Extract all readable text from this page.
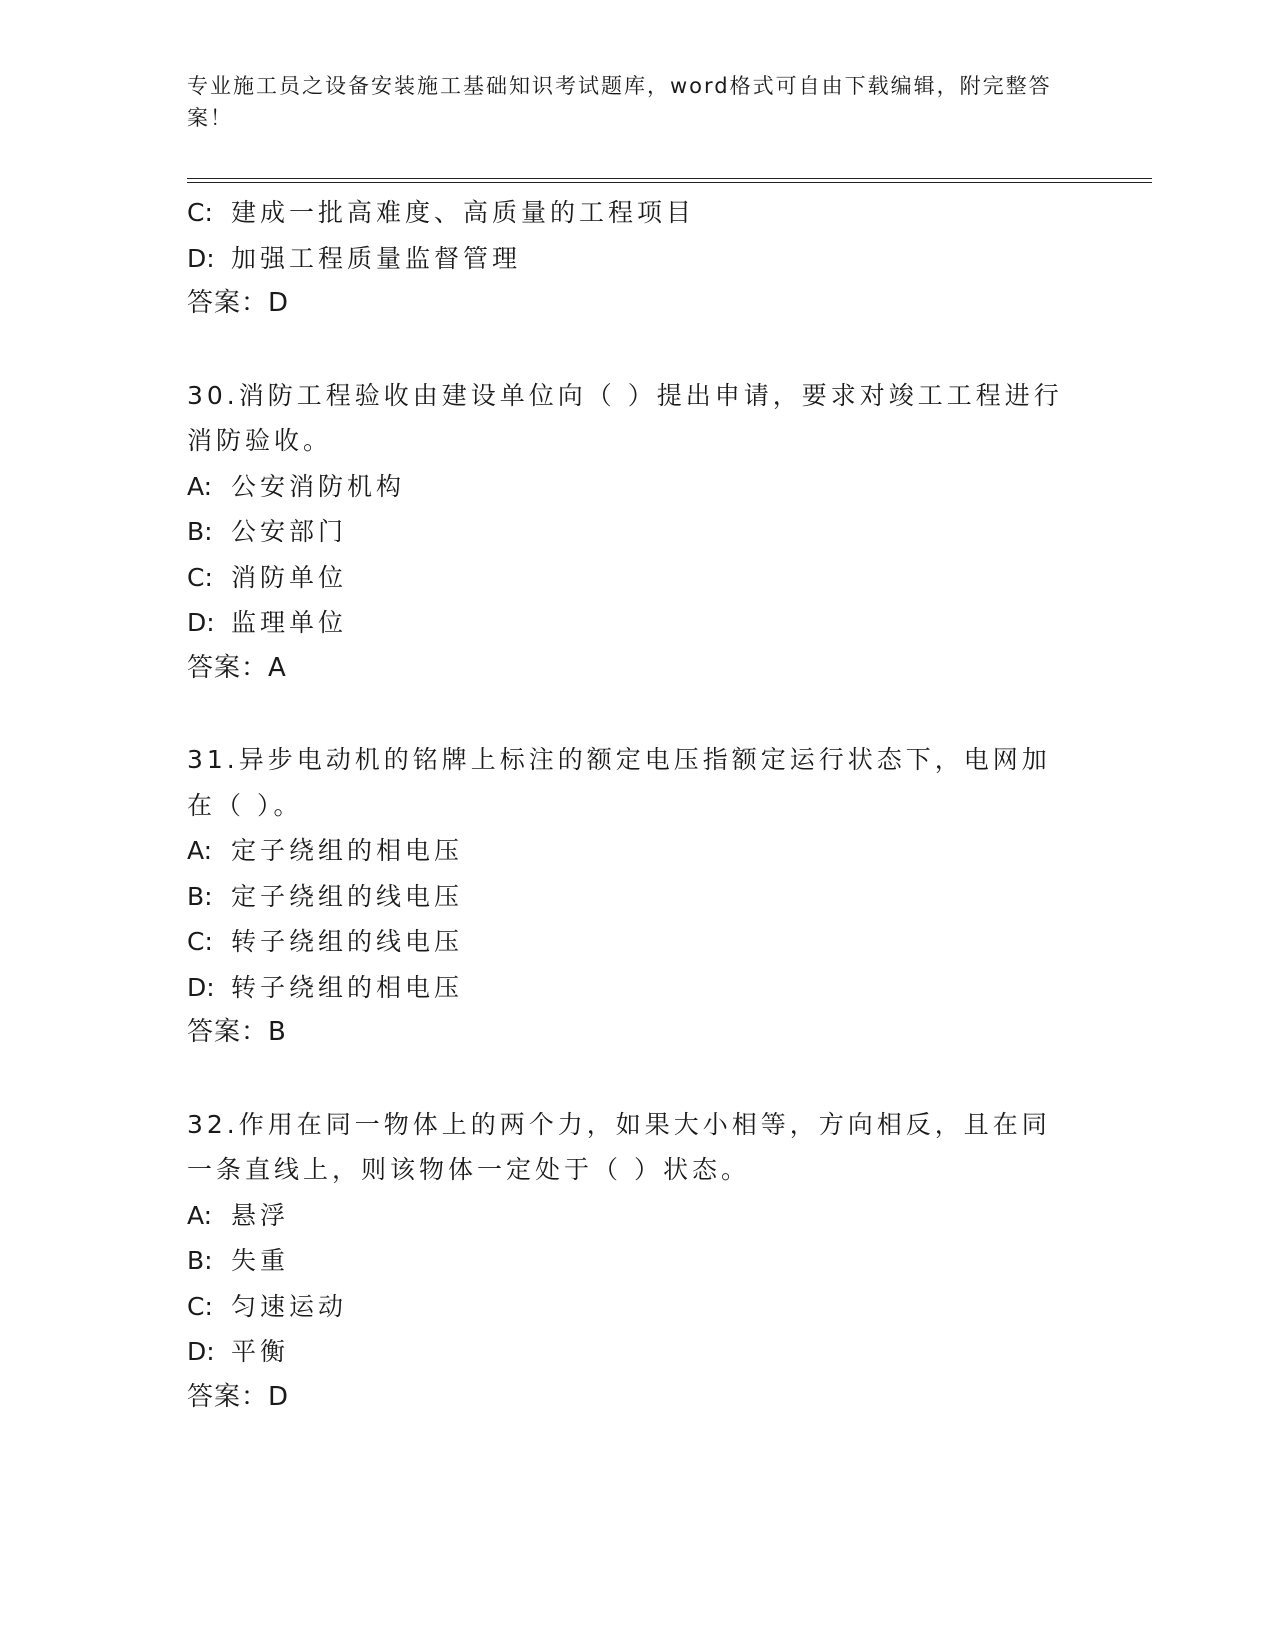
专业施工员之设备安装施工基础知识考试题库，word格式可自由下载编辑，附完整答案！
C: 建成一批高难度、高质量的工程项目
D: 加强工程质量监督管理
答案：D
30.消防工程验收由建设单位向（ ）提出申请，要求对竣工工程进行消防验收。
A: 公安消防机构
B: 公安部门
C: 消防单位
D: 监理单位
答案：A
31.异步电动机的铭牌上标注的额定电压指额定运行状态下，电网加在（ ）。
A: 定子绕组的相电压
B: 定子绕组的线电压
C: 转子绕组的线电压
D: 转子绕组的相电压
答案：B
32.作用在同一物体上的两个力，如果大小相等，方向相反，且在同一条直线上，则该物体一定处于（ ）状态。
A: 悬浮
B: 失重
C: 匀速运动
D: 平衡
答案：D
